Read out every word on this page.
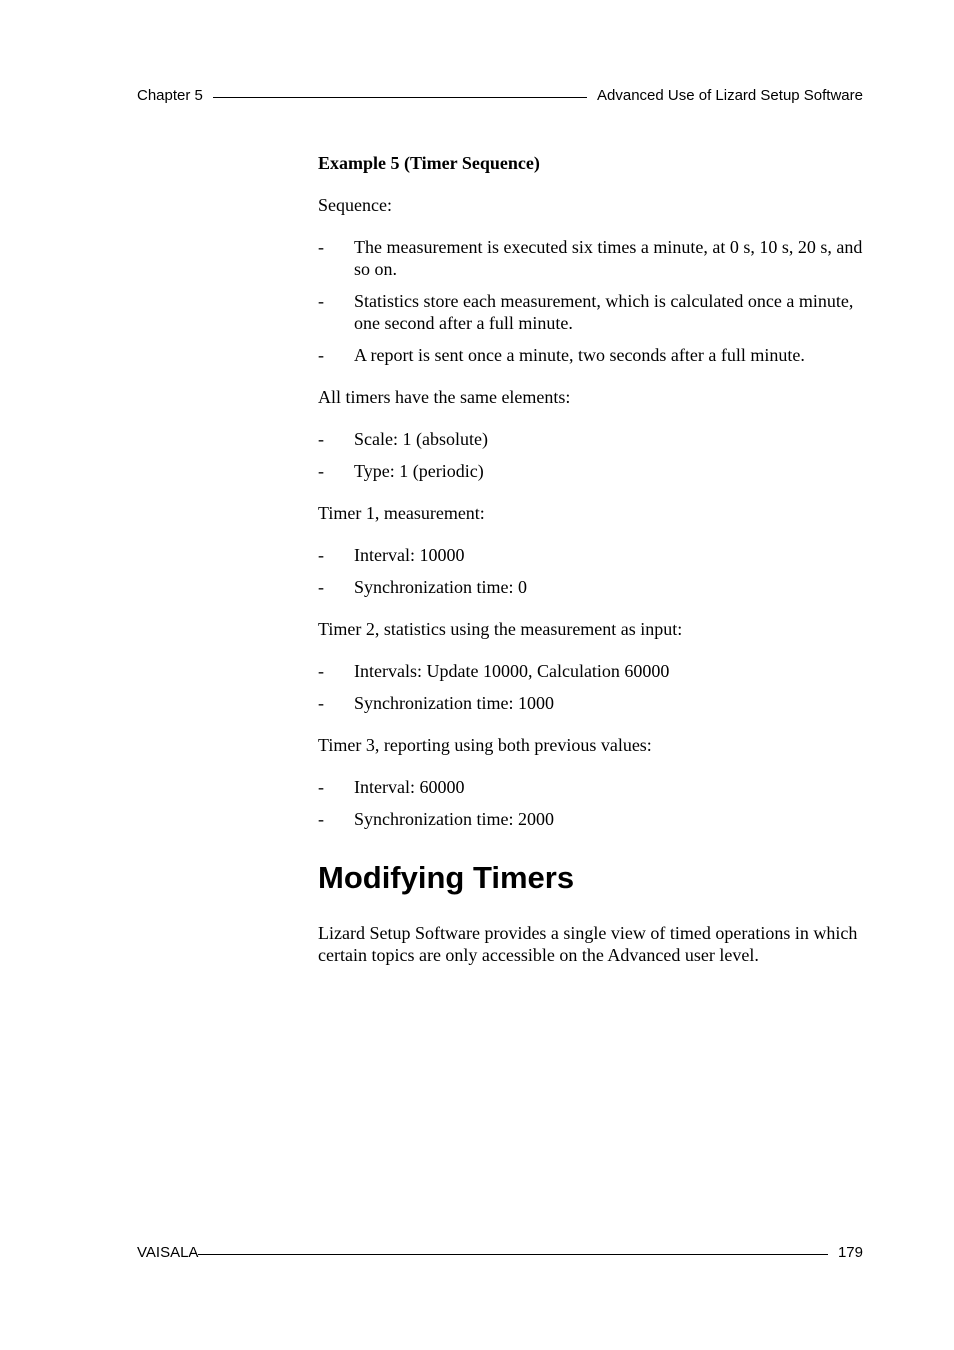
Chapter 5	Advanced Use of Lizard Setup Software

Example 5 (Timer Sequence)

Sequence:

-	The measurement is executed six times a minute, at 0 s, 10 s, 20 s, and so on.
-	Statistics store each measurement, which is calculated once a minute, one second after a full minute.
-	A report is sent once a minute, two seconds after a full minute.

All timers have the same elements:

-	Scale: 1 (absolute)
-	Type: 1 (periodic)

Timer 1, measurement:

-	Interval: 10000
-	Synchronization time: 0

Timer 2, statistics using the measurement as input:

-	Intervals: Update 10000, Calculation 60000
-	Synchronization time: 1000

Timer 3, reporting using both previous values:

-	Interval: 60000
-	Synchronization time: 2000
Modifying Timers

Lizard Setup Software provides a single view of timed operations in which certain topics are only accessible on the Advanced user level.

VAISALA	179
